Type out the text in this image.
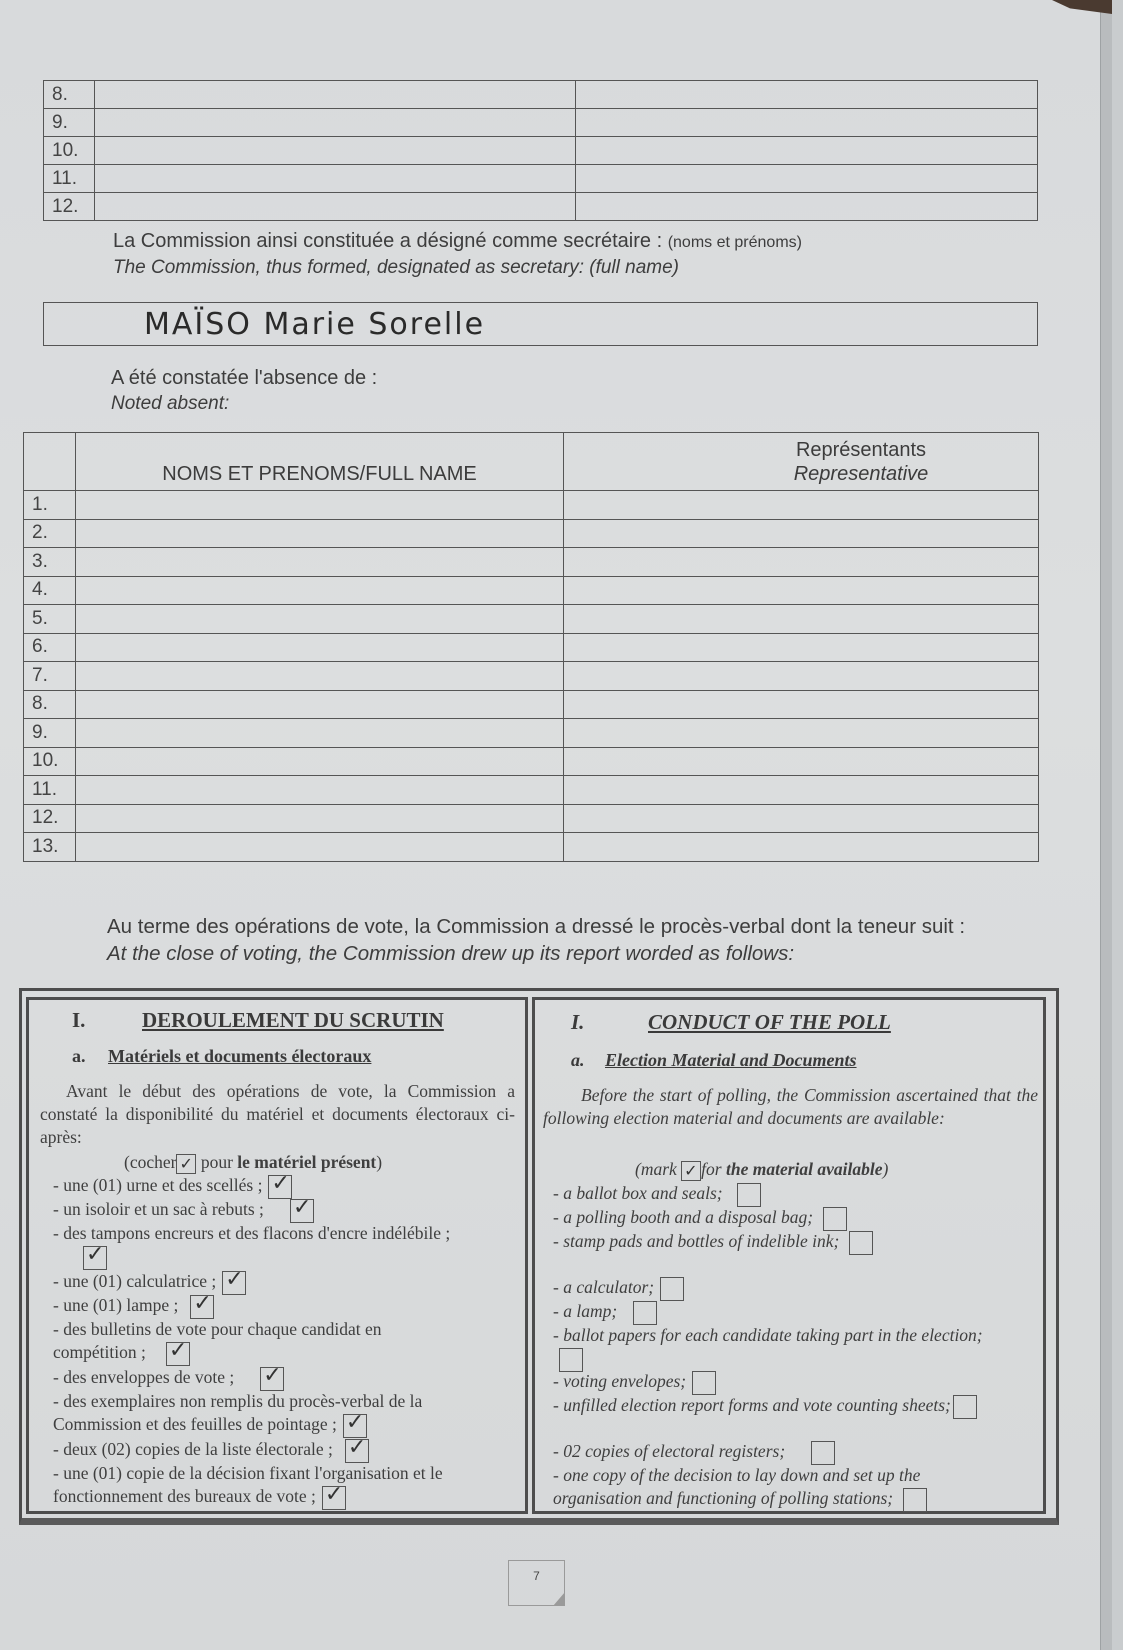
8.		
9.		
10.		
11.		
12.		
La Commission ainsi constituée a désigné comme secrétaire : (noms et prénoms)
The Commission, thus formed, designated as secretary: (full name)
MAÏSO Marie Sorelle
A été constatée l'absence de :
Noted absent:
	NOMS ET PRENOMS/FULL NAME	Représentants
Representative

1.		
2.		
3.		
4.		
5.		
6.		
7.		
8.		
9.		
10.		
11.		
12.		
13.		
Au terme des opérations de vote, la Commission a dressé le procès-verbal dont la teneur suit :
At the close of voting, the Commission drew up its report worded as follows:
I.	DEROULEMENT DU SCRUTIN
a. Matériels et documents électoraux
Avant le début des opérations de vote, la Commission a constaté la disponibilité du matériel et documents électoraux ci-après:
(cocher✓ pour le matériel présent)
- une (01) urne et des scellés ;✓
- un isoloir et un sac à rebuts ;✓
- des tampons encreurs et des flacons d'encre indélébile ;✓
- une (01) calculatrice ;✓
- une (01) lampe ;✓
- des bulletins de vote pour chaque candidat en compétition ;✓
- des enveloppes de vote ;✓
- des exemplaires non remplis du procès-verbal de la Commission et des feuilles de pointage ;✓
- deux (02) copies de la liste électorale ;✓
- une (01) copie de la décision fixant l'organisation et le fonctionnement des bureaux de vote ;✓
I.	CONDUCT OF THE POLL
a. Election Material and Documents
Before the start of polling, the Commission ascertained that the following election material and documents are available:
(mark ✓ for the material available)
- a ballot box and seals;
- a polling booth and a disposal bag;
- stamp pads and bottles of indelible ink;
- a calculator;
- a lamp;
- ballot papers for each candidate taking part in the election;
- voting envelopes;
- unfilled election report forms and vote counting sheets;
- 02 copies of electoral registers;
- one copy of the decision to lay down and set up the organisation and functioning of polling stations;
7
